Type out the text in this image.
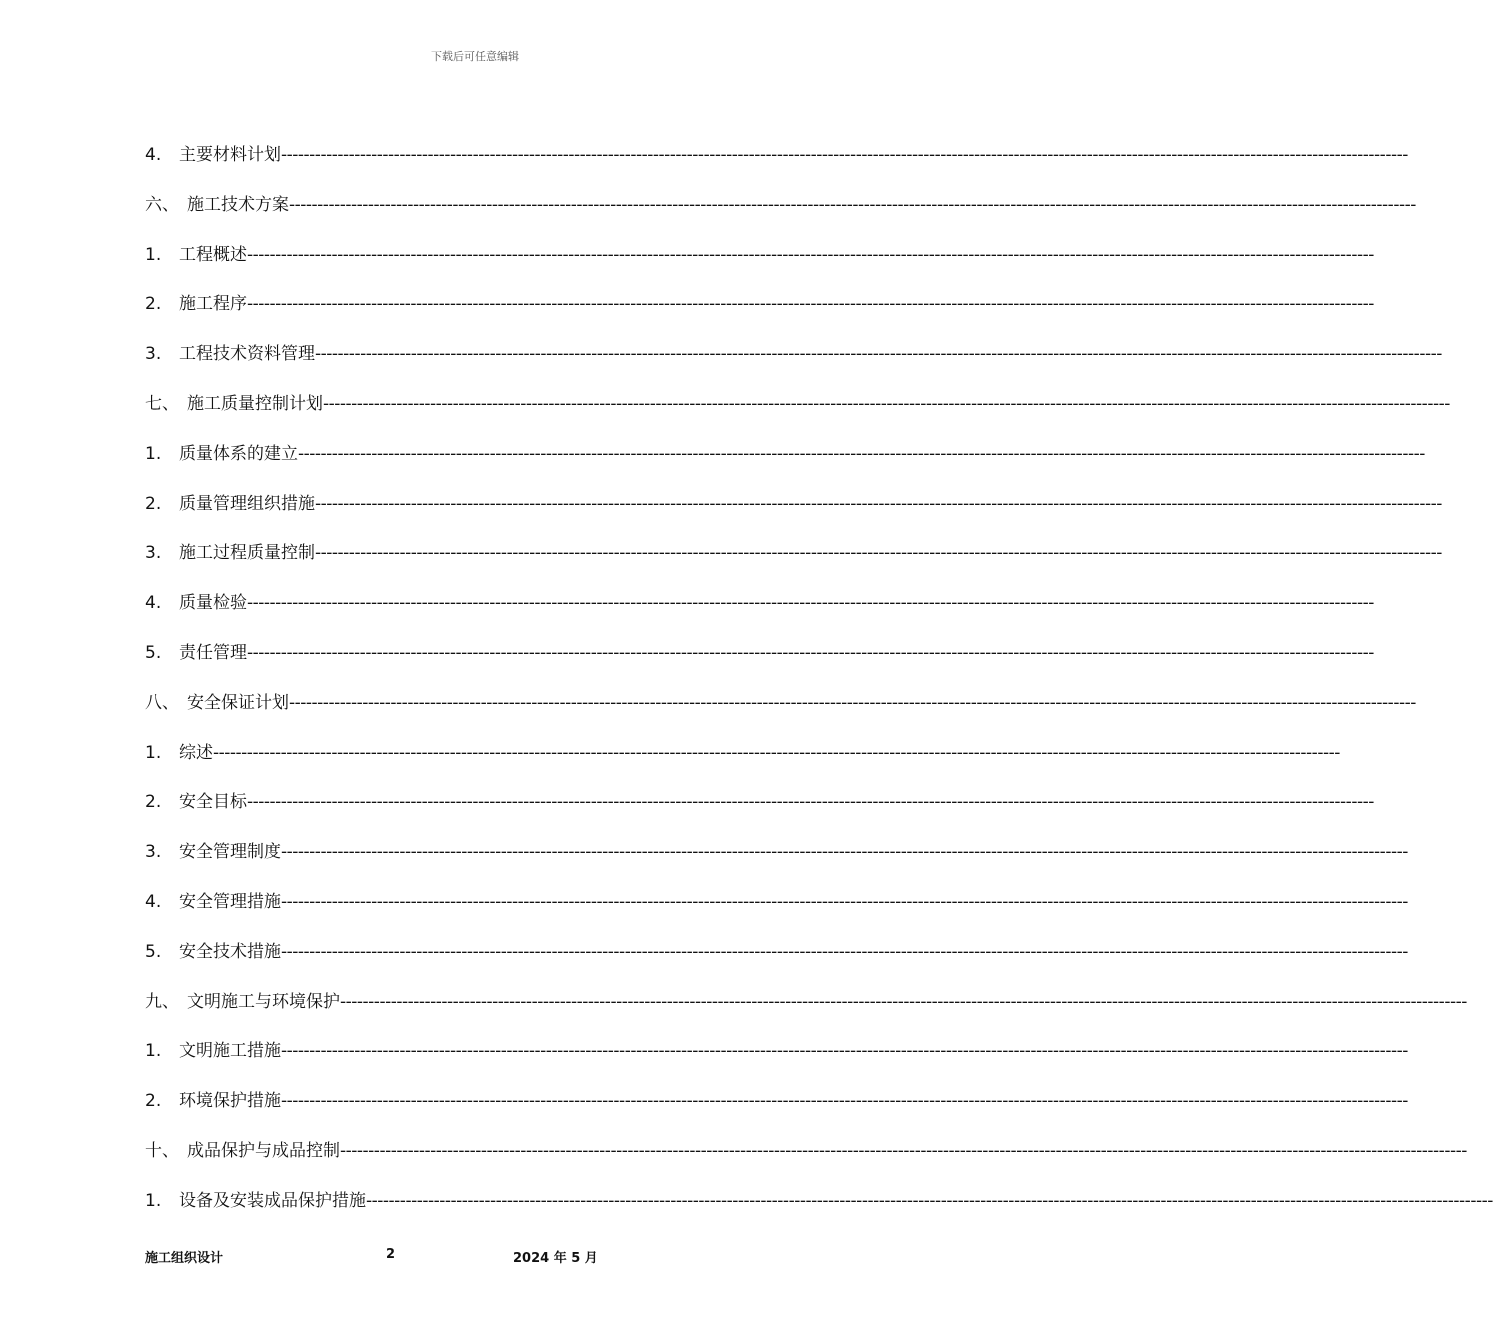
下载后可任意编辑
4. 主要材料计划--------------------------------------------------------------------------------------------------------------------------------------------------------------------------------------------------------
六、 施工技术方案--------------------------------------------------------------------------------------------------------------------------------------------------------------------------------------------------------
1. 工程概述--------------------------------------------------------------------------------------------------------------------------------------------------------------------------------------------------------
2. 施工程序--------------------------------------------------------------------------------------------------------------------------------------------------------------------------------------------------------
3. 工程技术资料管理--------------------------------------------------------------------------------------------------------------------------------------------------------------------------------------------------------
七、 施工质量控制计划--------------------------------------------------------------------------------------------------------------------------------------------------------------------------------------------------------
1. 质量体系的建立--------------------------------------------------------------------------------------------------------------------------------------------------------------------------------------------------------
2. 质量管理组织措施--------------------------------------------------------------------------------------------------------------------------------------------------------------------------------------------------------
3. 施工过程质量控制--------------------------------------------------------------------------------------------------------------------------------------------------------------------------------------------------------
4. 质量检验--------------------------------------------------------------------------------------------------------------------------------------------------------------------------------------------------------
5. 责任管理--------------------------------------------------------------------------------------------------------------------------------------------------------------------------------------------------------
八、 安全保证计划--------------------------------------------------------------------------------------------------------------------------------------------------------------------------------------------------------
1. 综述--------------------------------------------------------------------------------------------------------------------------------------------------------------------------------------------------------
2. 安全目标--------------------------------------------------------------------------------------------------------------------------------------------------------------------------------------------------------
3. 安全管理制度--------------------------------------------------------------------------------------------------------------------------------------------------------------------------------------------------------
4. 安全管理措施--------------------------------------------------------------------------------------------------------------------------------------------------------------------------------------------------------
5. 安全技术措施--------------------------------------------------------------------------------------------------------------------------------------------------------------------------------------------------------
九、 文明施工与环境保护--------------------------------------------------------------------------------------------------------------------------------------------------------------------------------------------------------
1. 文明施工措施--------------------------------------------------------------------------------------------------------------------------------------------------------------------------------------------------------
2. 环境保护措施--------------------------------------------------------------------------------------------------------------------------------------------------------------------------------------------------------
十、 成品保护与成品控制--------------------------------------------------------------------------------------------------------------------------------------------------------------------------------------------------------
1. 设备及安装成品保护措施--------------------------------------------------------------------------------------------------------------------------------------------------------------------------------------------------------
施工组织设计	2	2024 年 5 月
